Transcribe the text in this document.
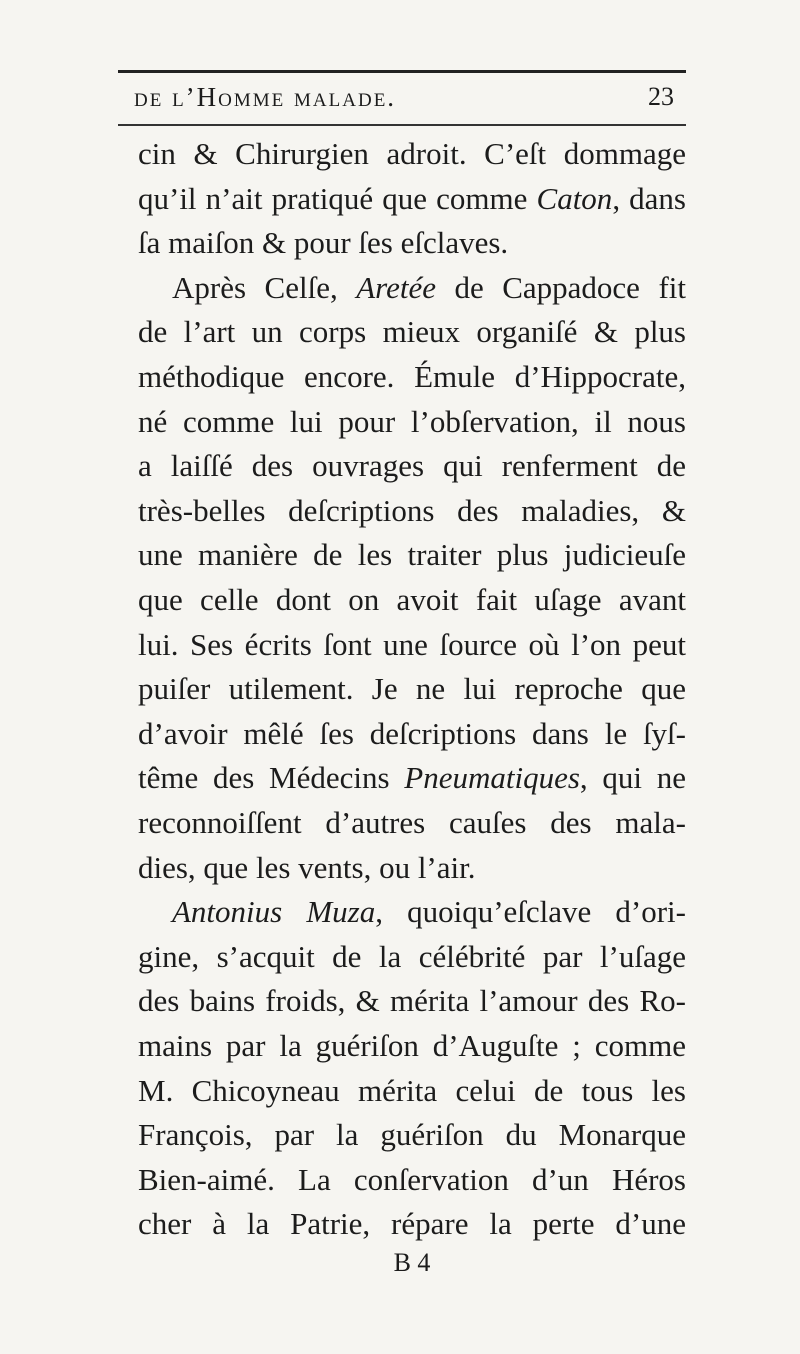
de l’Homme malade.	23
cin & Chirurgien adroit. C’eſt dommage
qu’il n’ait pratiqué que comme Caton, dans
ſa maiſon & pour ſes eſclaves.
Après Celſe, Aretée de Cappadoce fit
de l’art un corps mieux organiſé & plus
méthodique encore. Émule d’Hippocrate,
né comme lui pour l’obſervation, il nous
a laiſſé des ouvrages qui renferment de
très-belles deſcriptions des maladies, &
une manière de les traiter plus judicieuſe
que celle dont on avoit fait uſage avant
lui. Ses écrits ſont une ſource où l’on peut
puiſer utilement. Je ne lui reproche que
d’avoir mêlé ſes deſcriptions dans le ſyſ-
tême des Médecins Pneumatiques, qui ne
reconnoiſſent d’autres cauſes des mala-
dies, que les vents, ou l’air.
Antonius Muza, quoiqu’eſclave d’ori-
gine, s’acquit de la célébrité par l’uſage
des bains froids, & mérita l’amour des Ro-
mains par la guériſon d’Auguſte ; comme
M. Chicoyneau mérita celui de tous les
François, par la guériſon du Monarque
Bien-aimé. La conſervation d’un Héros
cher à la Patrie, répare la perte d’une
B 4
